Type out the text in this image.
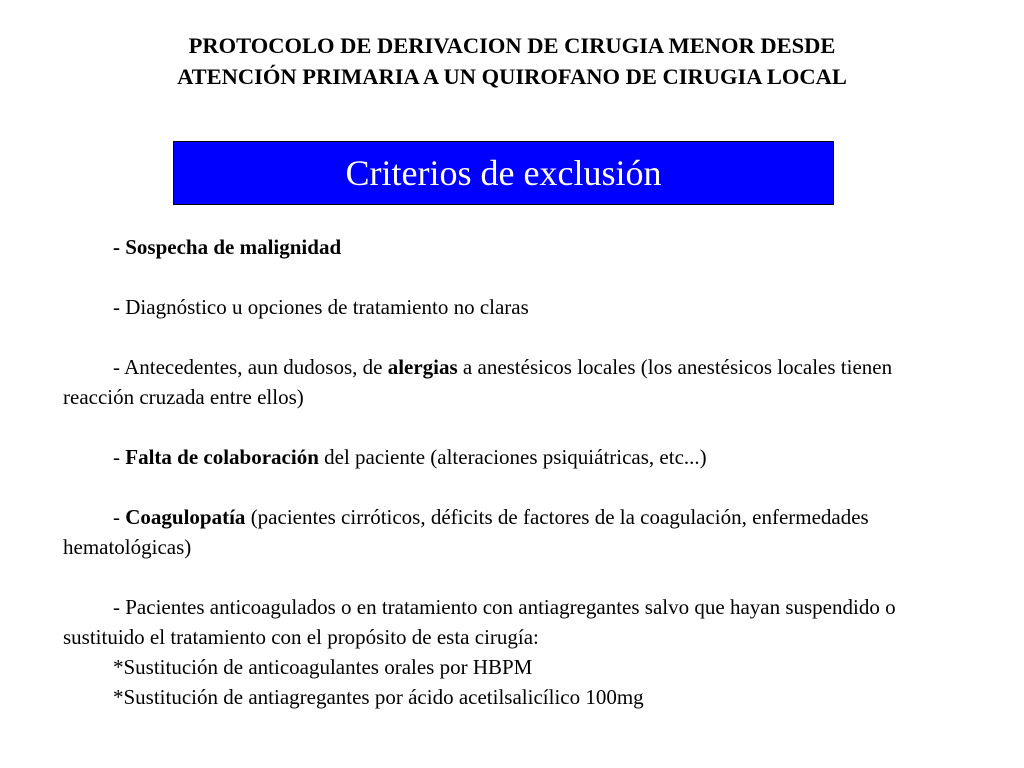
PROTOCOLO DE DERIVACION DE CIRUGIA MENOR DESDE
ATENCIÓN PRIMARIA A UN QUIROFANO DE CIRUGIA LOCAL
Criterios de exclusión

- Sospecha de malignidad

- Diagnóstico u opciones de tratamiento no claras

- Antecedentes, aun dudosos, de alergias a anestésicos locales (los anestésicos locales tienen reacción cruzada entre ellos)

- Falta de colaboración del paciente (alteraciones psiquiátricas, etc...)

- Coagulopatía (pacientes cirróticos, déficits de factores de la coagulación, enfermedades hematológicas)

- Pacientes anticoagulados o en tratamiento con antiagregantes salvo que hayan suspendido o sustituido el tratamiento con el propósito de esta cirugía:

*Sustitución de anticoagulantes orales por HBPM

*Sustitución de antiagregantes por ácido acetilsalicílico 100mg
